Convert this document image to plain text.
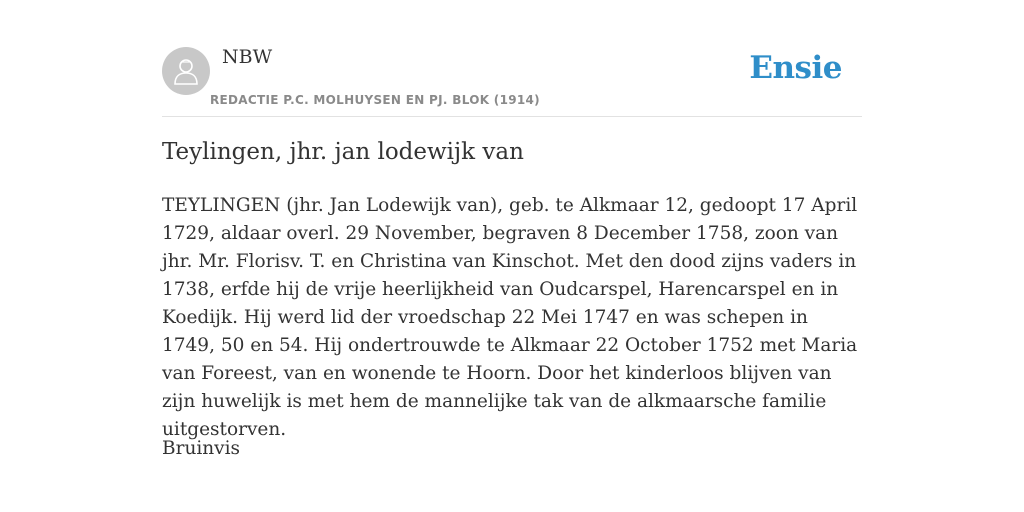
NBW
REDACTIE P.C. MOLHUYSEN EN PJ. BLOK (1914)
Ensie
Teylingen, jhr. jan lodewijk van

TEYLINGEN (jhr. Jan Lodewijk van), geb. te Alkmaar 12, gedoopt 17 April 1729, aldaar overl. 29 November, begraven 8 December 1758, zoon van jhr. Mr. Florisv. T. en Christina van Kinschot. Met den dood zijns vaders in 1738, erfde hij de vrije heerlijkheid van Oudcarspel, Harencarspel en in Koedijk. Hij werd lid der vroedschap 22 Mei 1747 en was schepen in 1749, 50 en 54. Hij ondertrouwde te Alkmaar 22 October 1752 met Maria van Foreest, van en wonende te Hoorn. Door het kinderloos blijven van zijn huwelijk is met hem de mannelijke tak van de alkmaarsche familie uitgestorven.

Bruinvis
